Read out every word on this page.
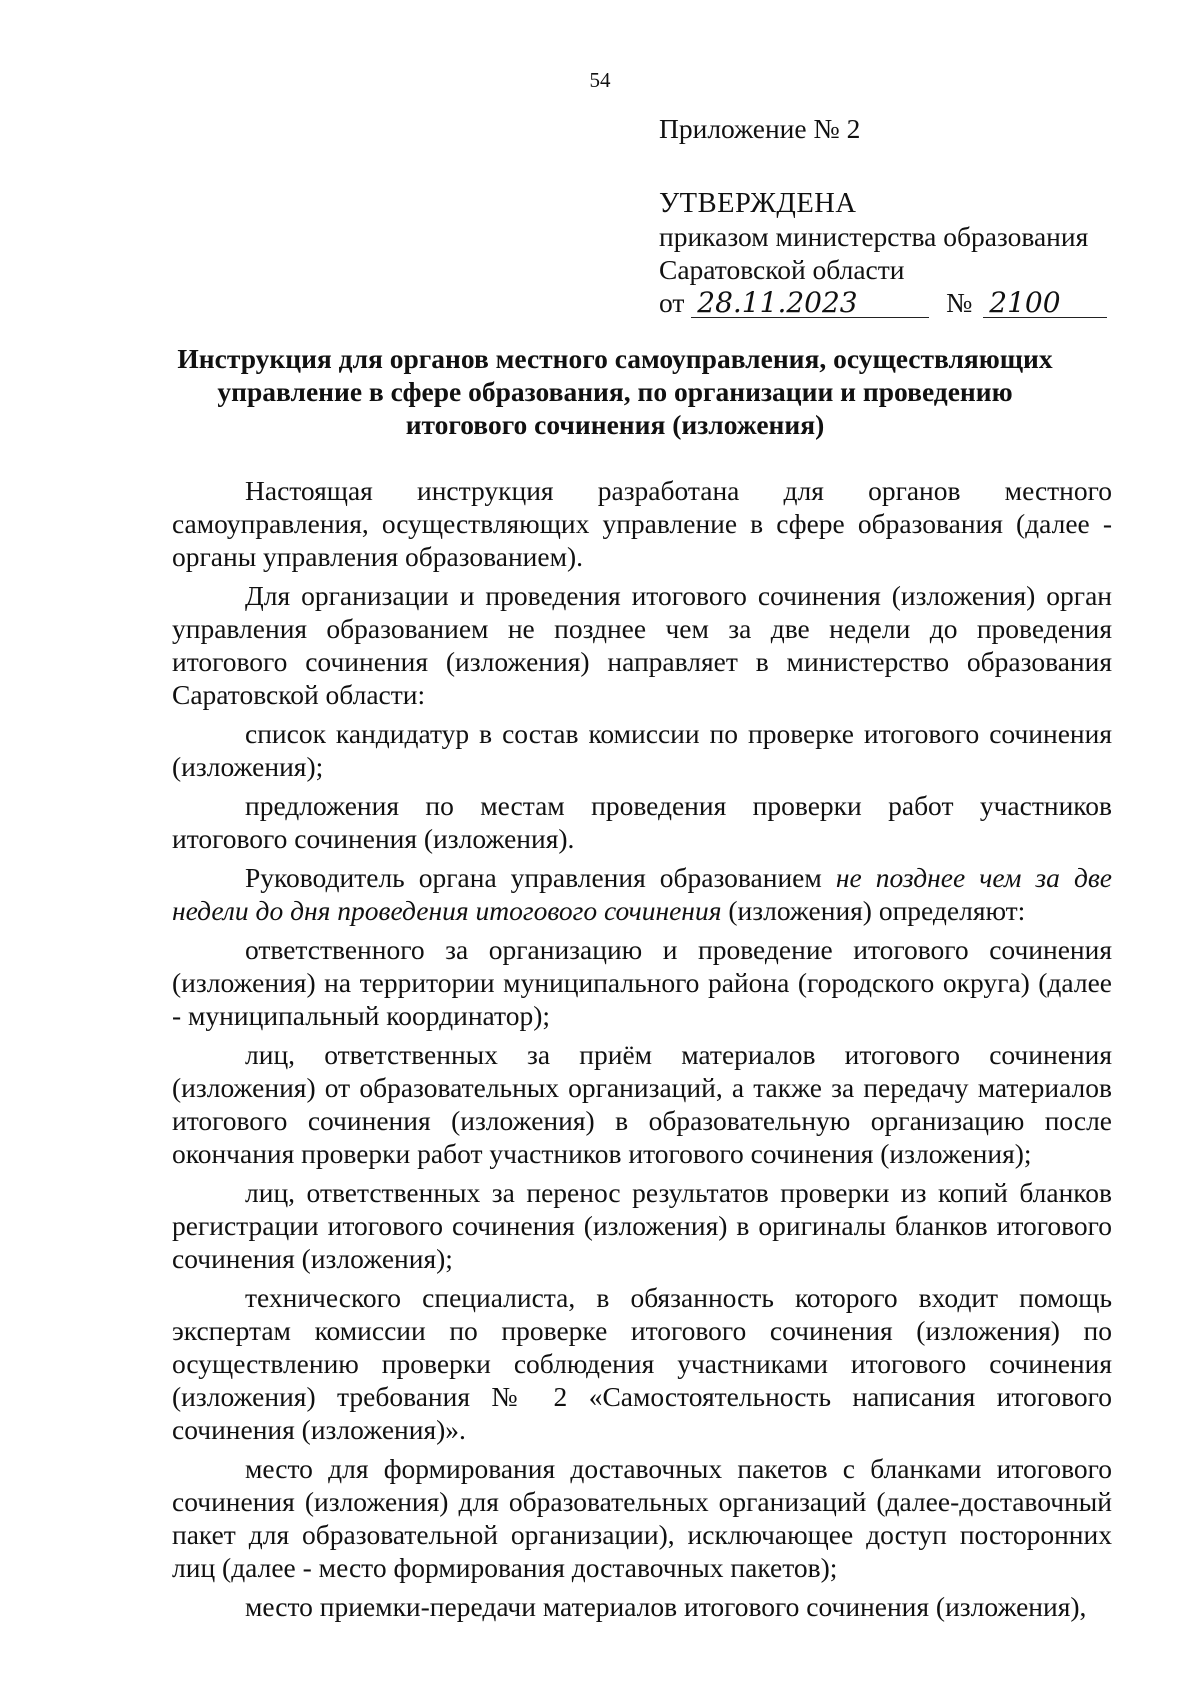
54
Приложение № 2
УТВЕРЖДЕНА
приказом министерства образования
Саратовской области
от 28.11.2023	№ 2100
Инструкция для органов местного самоуправления, осуществляющих
управление в сфере образования, по организации и проведению
итогового сочинения (изложения)

Настоящая инструкция разработана для органов местного самоуправления, осуществляющих управление в сфере образования (далее - органы управления образованием).

Для организации и проведения итогового сочинения (изложения) орган управления образованием не позднее чем за две недели до проведения итогового сочинения (изложения) направляет в министерство образования Саратовской области:

список кандидатур в состав комиссии по проверке итогового сочинения (изложения);

предложения по местам проведения проверки работ участников итогового сочинения (изложения).

Руководитель органа управления образованием не позднее чем за две недели до дня проведения итогового сочинения (изложения) определяют:

ответственного за организацию и проведение итогового сочинения (изложения) на территории муниципального района (городского округа) (далее - муниципальный координатор);

лиц, ответственных за приём материалов итогового сочинения (изложения) от образовательных организаций, а также за передачу материалов итогового сочинения (изложения) в образовательную организацию после окончания проверки работ участников итогового сочинения (изложения);

лиц, ответственных за перенос результатов проверки из копий бланков регистрации итогового сочинения (изложения) в оригиналы бланков итогового сочинения (изложения);

технического специалиста, в обязанность которого входит помощь экспертам комиссии по проверке итогового сочинения (изложения) по осуществлению проверки соблюдения участниками итогового сочинения (изложения) требования № 2 «Самостоятельность написания итогового сочинения (изложения)».

место для формирования доставочных пакетов с бланками итогового сочинения (изложения) для образовательных организаций (далее-доставочный пакет для образовательной организации), исключающее доступ посторонних лиц (далее - место формирования доставочных пакетов);

место приемки-передачи материалов итогового сочинения (изложения),
